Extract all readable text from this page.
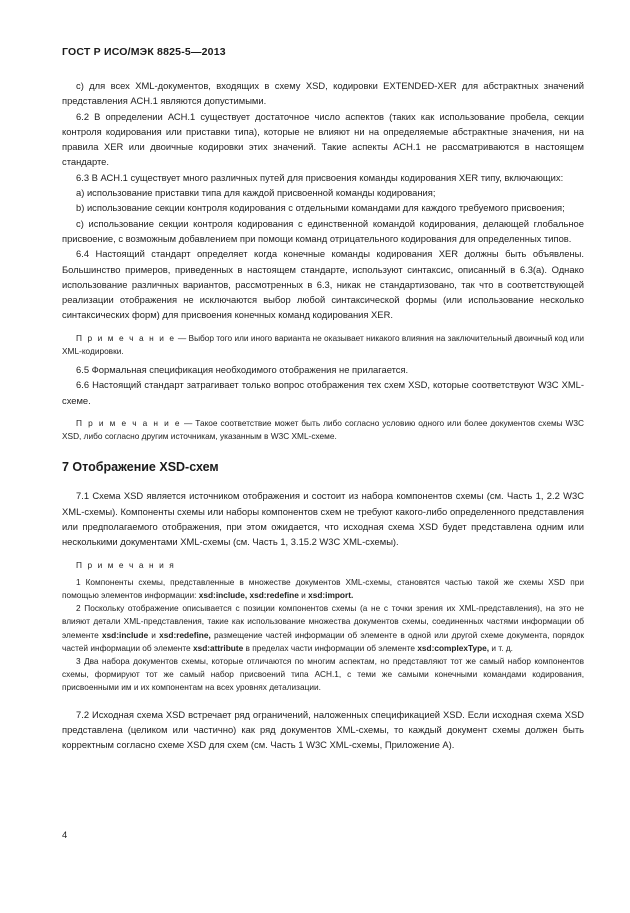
ГОСТ Р ИСО/МЭК 8825-5—2013

с) для всех XML-документов, входящих в схему XSD, кодировки EXTENDED-XER для абстрактных значений представления АСН.1 являются допустимыми.

6.2 В определении АСН.1 существует достаточное число аспектов (таких как использование пробела, секции контроля кодирования или приставки типа), которые не влияют ни на определяемые абстрактные значения, ни на правила XER или двоичные кодировки этих значений. Такие аспекты АСН.1 не рассматриваются в настоящем стандарте.

6.3 В АСН.1 существует много различных путей для присвоения команды кодирования XER типу, включающих:

a) использование приставки типа для каждой присвоенной команды кодирования;

b) использование секции контроля кодирования с отдельными командами для каждого требуемого присвоения;

c) использование секции контроля кодирования с единственной командой кодирования, делающей глобальное присвоение, с возможным добавлением при помощи команд отрицательного кодирования для определенных типов.

6.4 Настоящий стандарт определяет когда конечные команды кодирования XER должны быть объявлены. Большинство примеров, приведенных в настоящем стандарте, используют синтаксис, описанный в 6.3(a). Однако использование различных вариантов, рассмотренных в 6.3, никак не стандартизовано, так что в соответствующей реализации отображения не исключаются выбор любой синтаксической формы (или использование несколько синтаксических форм) для присвоения конечных команд кодирования XER.

П р и м е ч а н и е — Выбор того или иного варианта не оказывает никакого влияния на заключительный двоичный код или XML-кодировки.

6.5 Формальная спецификация необходимого отображения не прилагается.

6.6 Настоящий стандарт затрагивает только вопрос отображения тех схем XSD, которые соответствуют W3C XML-схеме.

П р и м е ч а н и е — Такое соответствие может быть либо согласно условию одного или более документов схемы W3C XSD, либо согласно другим источникам, указанным в W3C XML-схеме.

7 Отображение XSD-схем

7.1 Схема XSD является источником отображения и состоит из набора компонентов схемы (см. Часть 1, 2.2 W3C XML-схемы). Компоненты схемы или наборы компонентов схем не требуют какого-либо определенного представления или предполагаемого отображения, при этом ожидается, что исходная схема XSD будет представлена одним или несколькими документами XML-схемы (см. Часть 1, 3.15.2 W3C XML-схемы).

П р и м е ч а н и я

1 Компоненты схемы, представленные в множестве документов XML-схемы, становятся частью такой же схемы XSD при помощью элементов информации: xsd:include, xsd:redefine и xsd:import.

2 Поскольку отображение описывается с позиции компонентов схемы (а не с точки зрения их XML-представления), на это не влияют детали XML-представления, такие как использование множества документов схемы, соединенных частями информации об элементе xsd:include и xsd:redefine, размещение частей информации об элементе в одной или другой схеме документа, порядок частей информации об элементе xsd:attribute в пределах части информации об элементе xsd:complexType, и т. д.

3 Два набора документов схемы, которые отличаются по многим аспектам, но представляют тот же самый набор компонентов схемы, формируют тот же самый набор присвоений типа АСН.1, с теми же самыми конечными командами кодирования, присвоенными им и их компонентам на всех уровнях детализации.

7.2 Исходная схема XSD встречает ряд ограничений, наложенных спецификацией XSD. Если исходная схема XSD представлена (целиком или частично) как ряд документов XML-схемы, то каждый документ схемы должен быть корректным согласно схеме XSD для схем (см. Часть 1 W3C XML-схемы, Приложение А).

4
